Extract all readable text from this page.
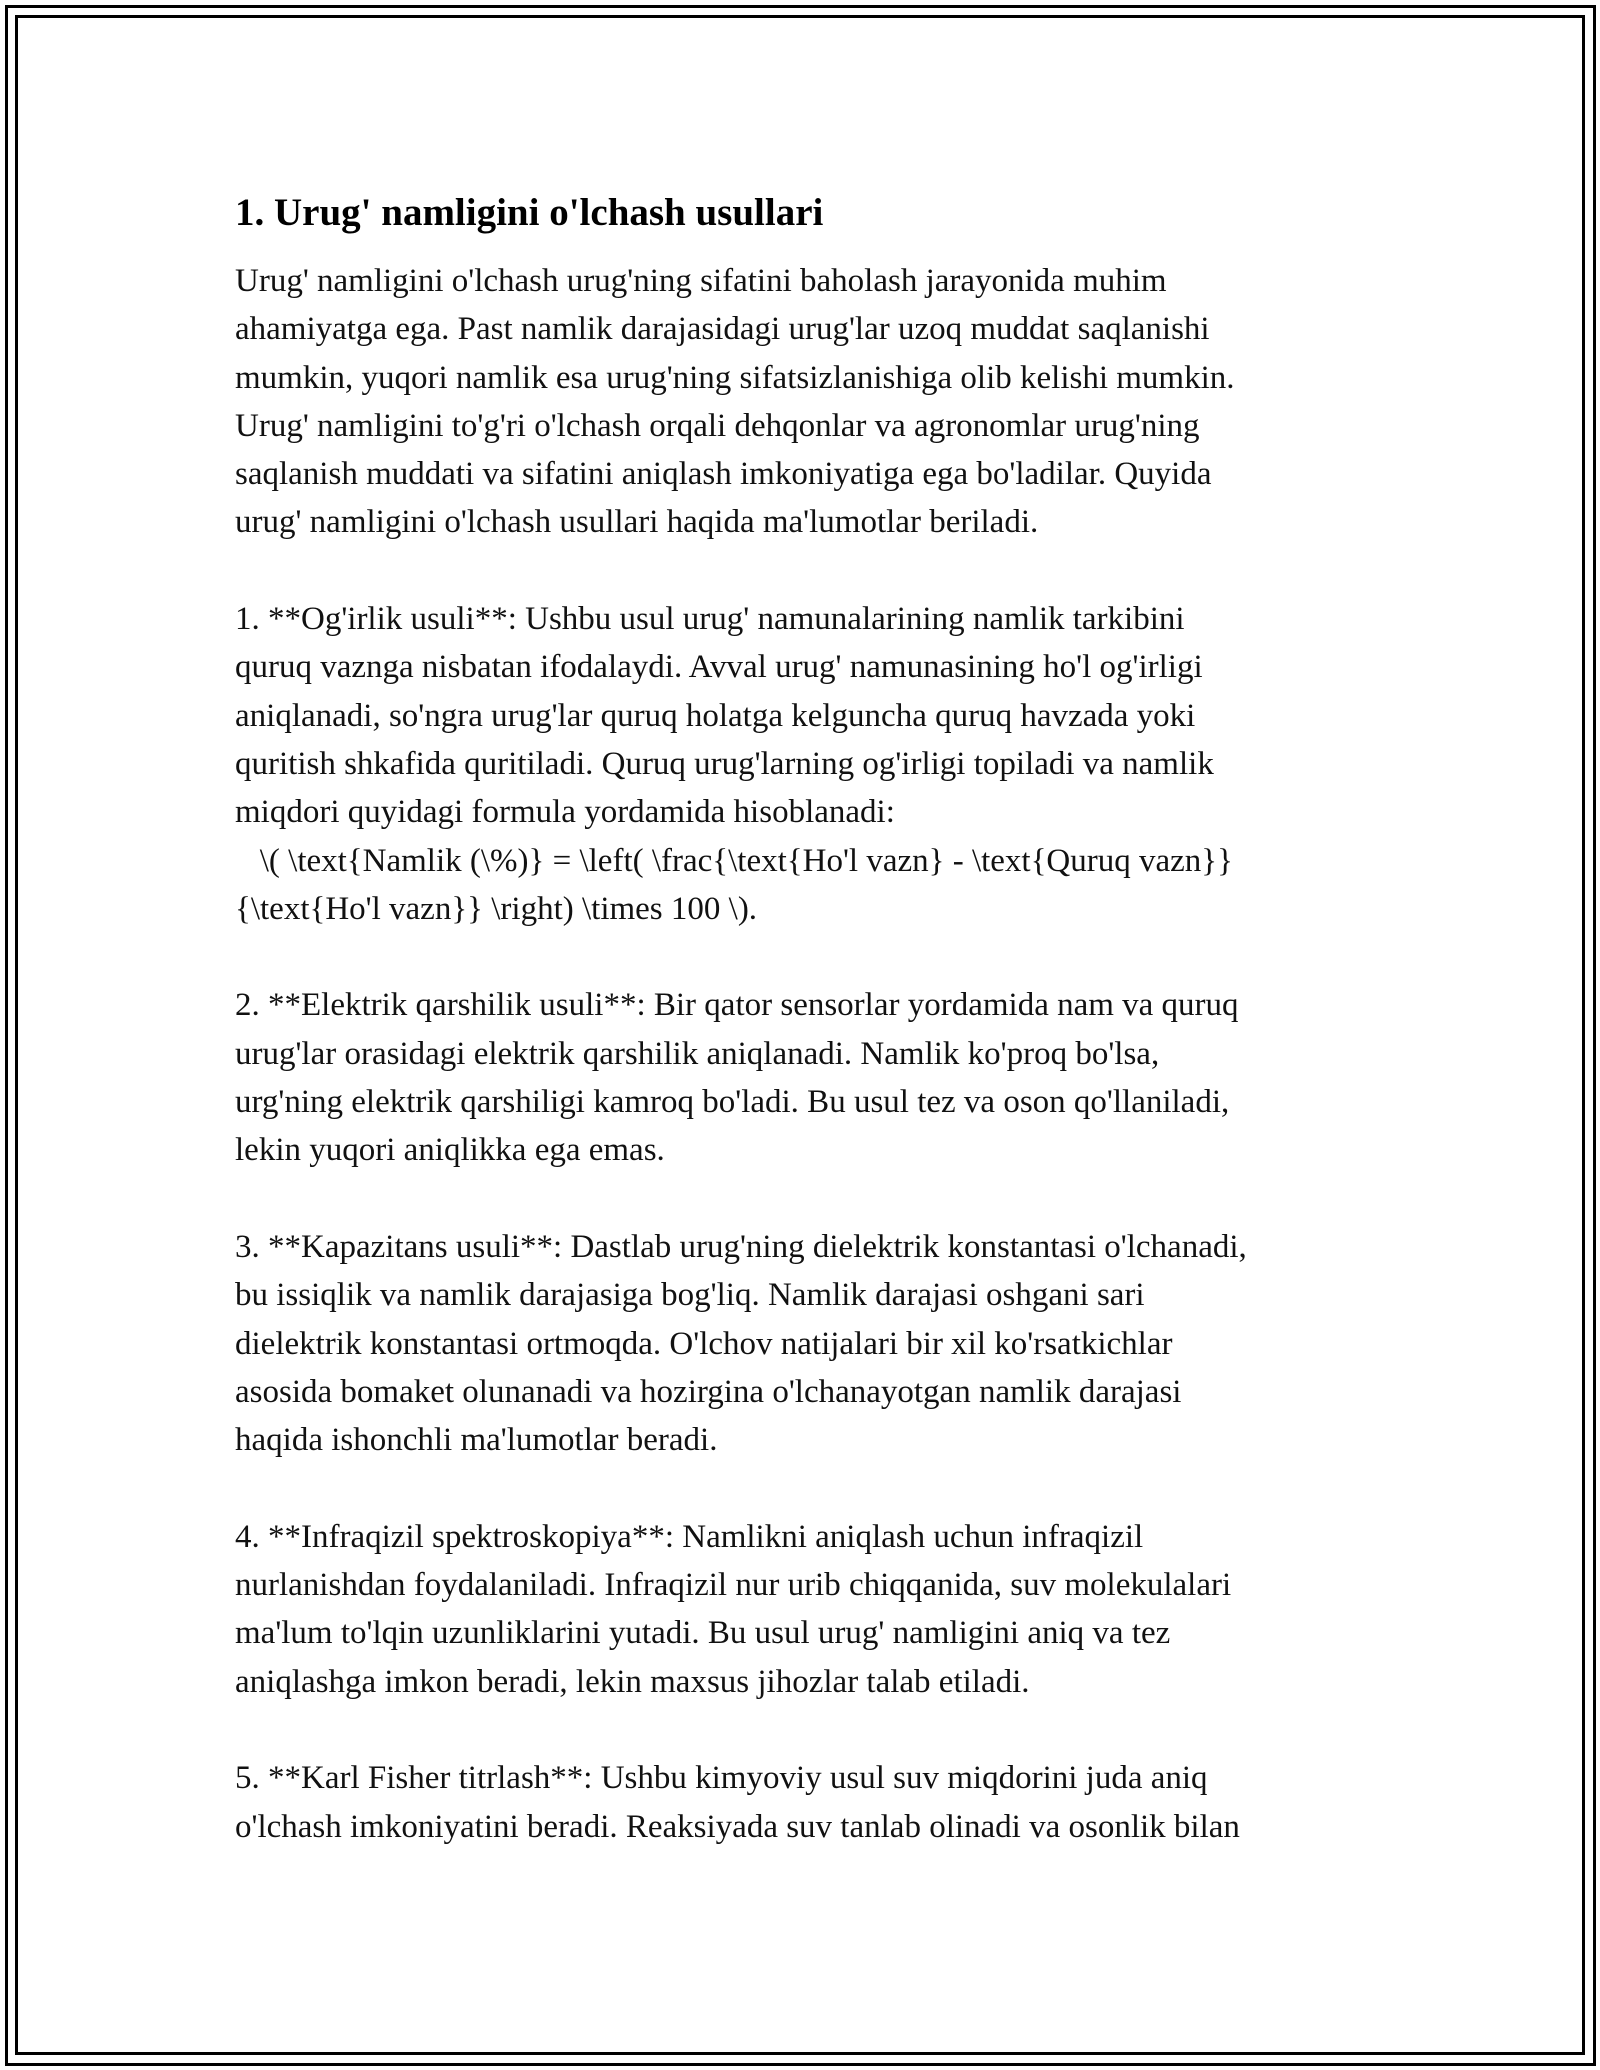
1. Urug' namligini o'lchash usullari

Urug' namligini o'lchash urug'ning sifatini baholash jarayonida muhim
ahamiyatga ega. Past namlik darajasidagi urug'lar uzoq muddat saqlanishi
mumkin, yuqori namlik esa urug'ning sifatsizlanishiga olib kelishi mumkin.
Urug' namligini to'g'ri o'lchash orqali dehqonlar va agronomlar urug'ning
saqlanish muddati va sifatini aniqlash imkoniyatiga ega bo'ladilar. Quyida
urug' namligini o'lchash usullari haqida ma'lumotlar beriladi.

1. **Og'irlik usuli**: Ushbu usul urug' namunalarining namlik tarkibini
quruq vaznga nisbatan ifodalaydi. Avval urug' namunasining ho'l og'irligi
aniqlanadi, so'ngra urug'lar quruq holatga kelguncha quruq havzada yoki
quritish shkafida quritiladi. Quruq urug'larning og'irligi topiladi va namlik
miqdori quyidagi formula yordamida hisoblanadi:
\( \text{Namlik (\%)} = \left( \frac{\text{Ho'l vazn} - \text{Quruq vazn}}
{\text{Ho'l vazn}} \right) \times 100 \).

2. **Elektrik qarshilik usuli**: Bir qator sensorlar yordamida nam va quruq
urug'lar orasidagi elektrik qarshilik aniqlanadi. Namlik ko'proq bo'lsa,
urg'ning elektrik qarshiligi kamroq bo'ladi. Bu usul tez va oson qo'llaniladi,
lekin yuqori aniqlikka ega emas.

3. **Kapazitans usuli**: Dastlab urug'ning dielektrik konstantasi o'lchanadi,
bu issiqlik va namlik darajasiga bog'liq. Namlik darajasi oshgani sari
dielektrik konstantasi ortmoqda. O'lchov natijalari bir xil ko'rsatkichlar
asosida bomaket olunanadi va hozirgina o'lchanayotgan namlik darajasi
haqida ishonchli ma'lumotlar beradi.

4. **Infraqizil spektroskopiya**: Namlikni aniqlash uchun infraqizil
nurlanishdan foydalaniladi. Infraqizil nur urib chiqqanida, suv molekulalari
ma'lum to'lqin uzunliklarini yutadi. Bu usul urug' namligini aniq va tez
aniqlashga imkon beradi, lekin maxsus jihozlar talab etiladi.

5. **Karl Fisher titrlash**: Ushbu kimyoviy usul suv miqdorini juda aniq
o'lchash imkoniyatini beradi. Reaksiyada suv tanlab olinadi va osonlik bilan
